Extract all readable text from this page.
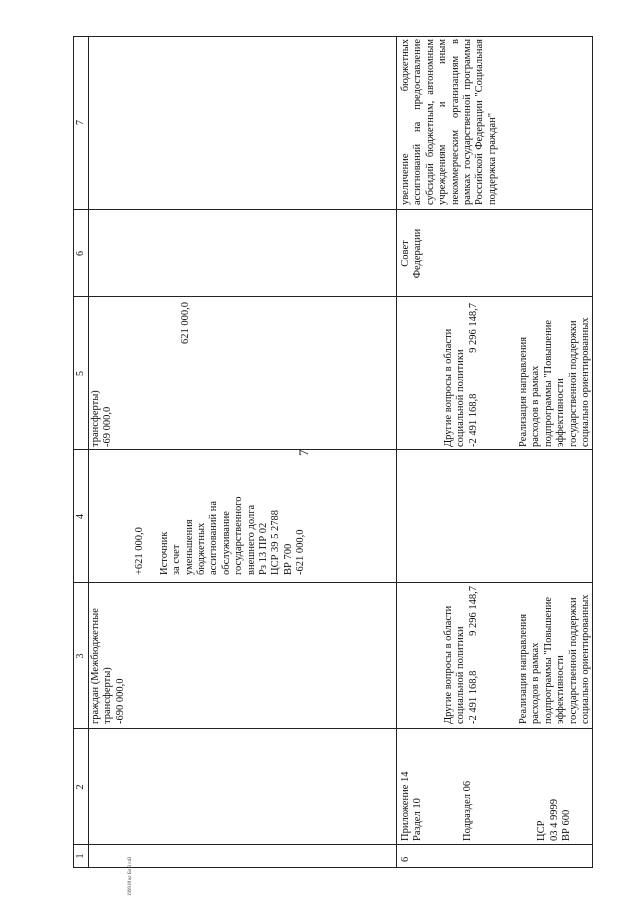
7
199918 кс Бл 3 г43
1
2
3
4
5
6
7
граждан (Межбюджетные
трансферты)
-690 000,0
+621 000,0

Источник
за счет
уменьшения
бюджетных
ассигнований на
обслуживание
государственного
внешнего долга
Рз 13 ПР 02
ЦСР 39 5 2788
ВР 700
-621 000,0
трансферты)
-69 000,0
621 000,0
6
Приложение 14
Раздел 10

Подраздел 06

ЦСР
03 4 9999
ВР 600
Другие вопросы в области
социальной политики
-2 491 168,8
9 296 148,7
Реализация направления
расходов в рамках
подпрограммы "Повышение
эффективности
государственной поддержки
социально ориентированных
Другие вопросы в области
социальной политики
-2 491 168,8
9 296 148,7
Реализация направления
расходов в рамках
подпрограммы "Повышение
эффективности
государственной поддержки
социально ориентированных
Совет
Федерации
увеличение бюджетных ассигнований на предоставление субсидий бюджетным, автономным учреждениям и иным некоммерческим организациям в рамках государственной программы Российской Федерации "Социальная поддержка граждан"
